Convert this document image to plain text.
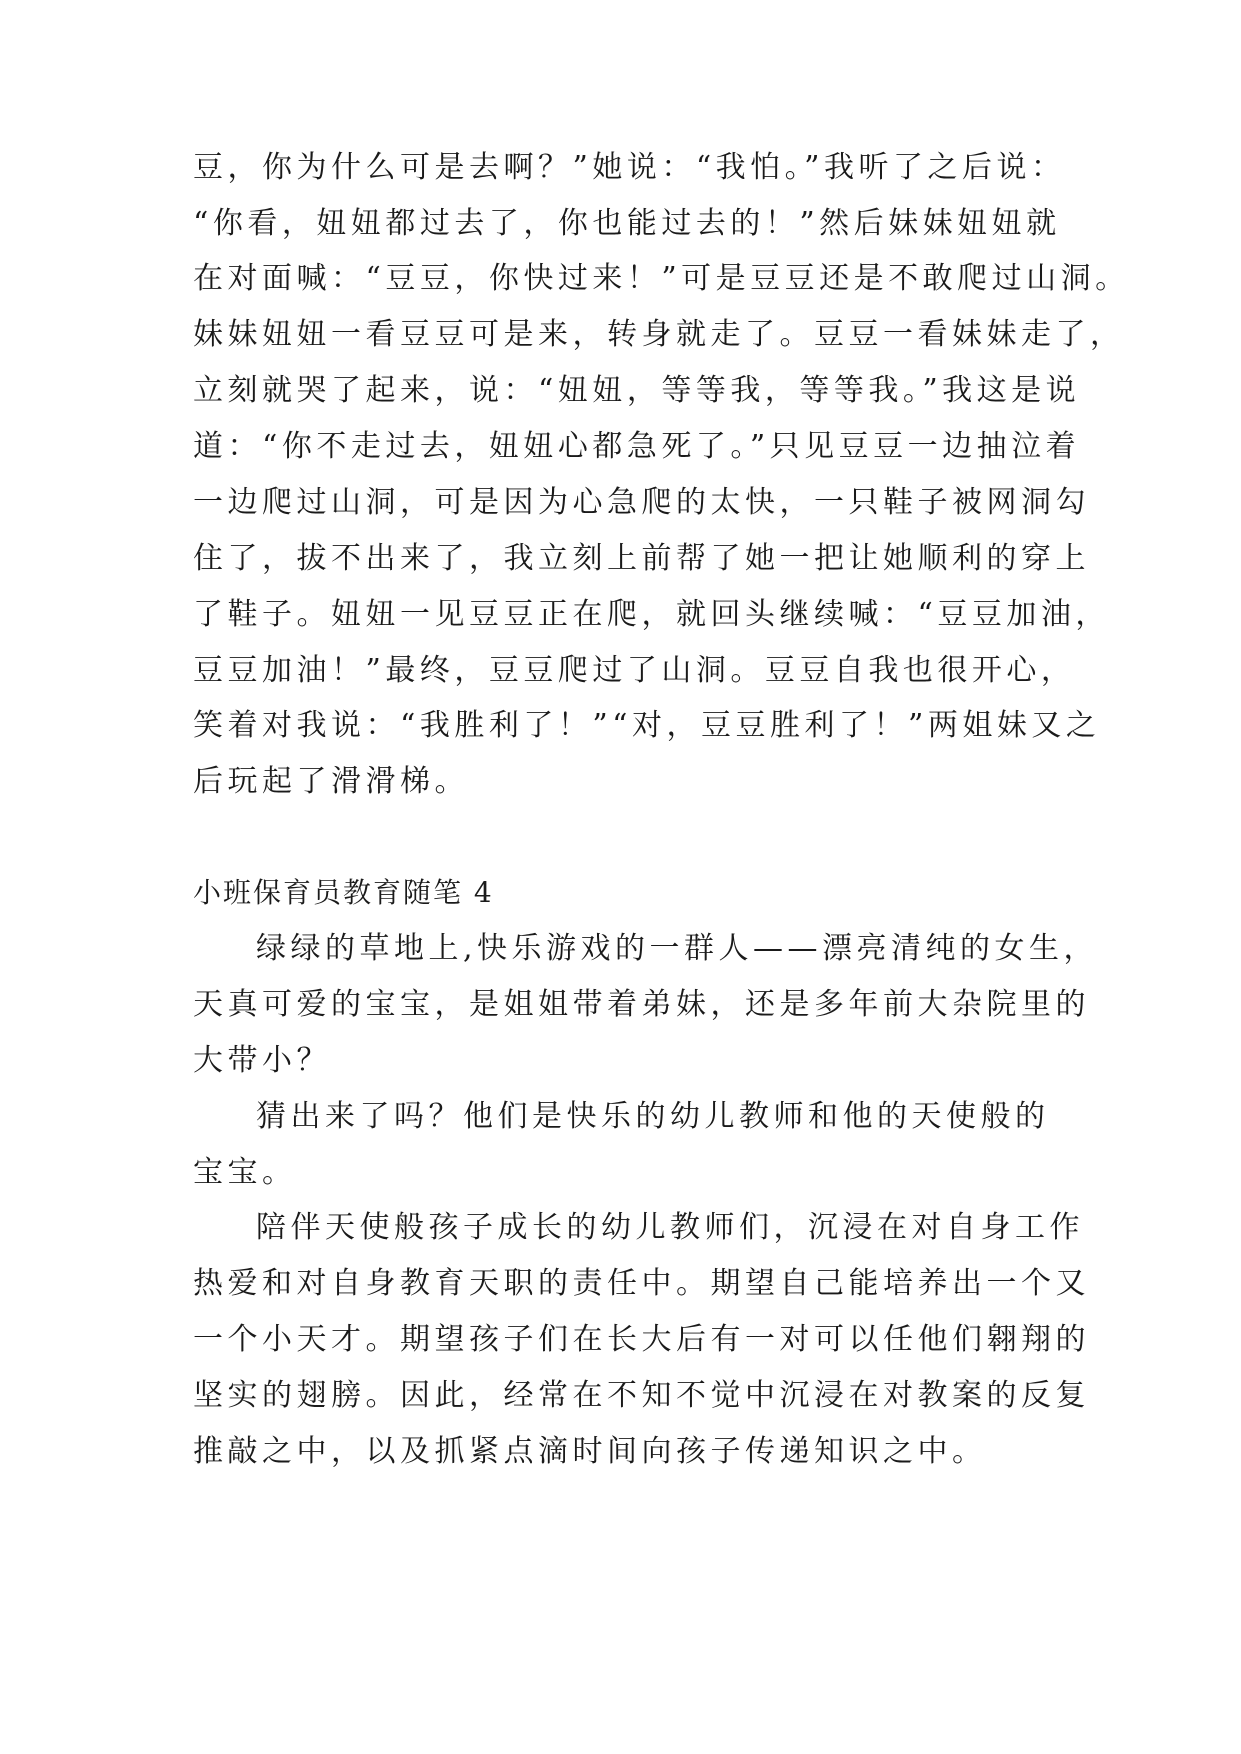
豆，你为什么可是去啊？”她说：“我怕。”我听了之后说：
“你看，妞妞都过去了，你也能过去的！”然后妹妹妞妞就
在对面喊：“豆豆，你快过来！”可是豆豆还是不敢爬过山洞。
妹妹妞妞一看豆豆可是来，转身就走了。豆豆一看妹妹走了，
立刻就哭了起来，说：“妞妞，等等我，等等我。”我这是说
道：“你不走过去，妞妞心都急死了。”只见豆豆一边抽泣着
一边爬过山洞，可是因为心急爬的太快，一只鞋子被网洞勾
住了，拔不出来了，我立刻上前帮了她一把让她顺利的穿上
了鞋子。妞妞一见豆豆正在爬，就回头继续喊：“豆豆加油，
豆豆加油！”最终，豆豆爬过了山洞。豆豆自我也很开心，
笑着对我说：“我胜利了！”“对，豆豆胜利了！”两姐妹又之
后玩起了滑滑梯。
小班保育员教育随笔 4
绿绿的草地上,快乐游戏的一群人——漂亮清纯的女生，
天真可爱的宝宝，是姐姐带着弟妹，还是多年前大杂院里的
大带小？
猜出来了吗？他们是快乐的幼儿教师和他的天使般的
宝宝。
陪伴天使般孩子成长的幼儿教师们，沉浸在对自身工作
热爱和对自身教育天职的责任中。期望自己能培养出一个又
一个小天才。期望孩子们在长大后有一对可以任他们翱翔的
坚实的翅膀。因此，经常在不知不觉中沉浸在对教案的反复
推敲之中，以及抓紧点滴时间向孩子传递知识之中。
